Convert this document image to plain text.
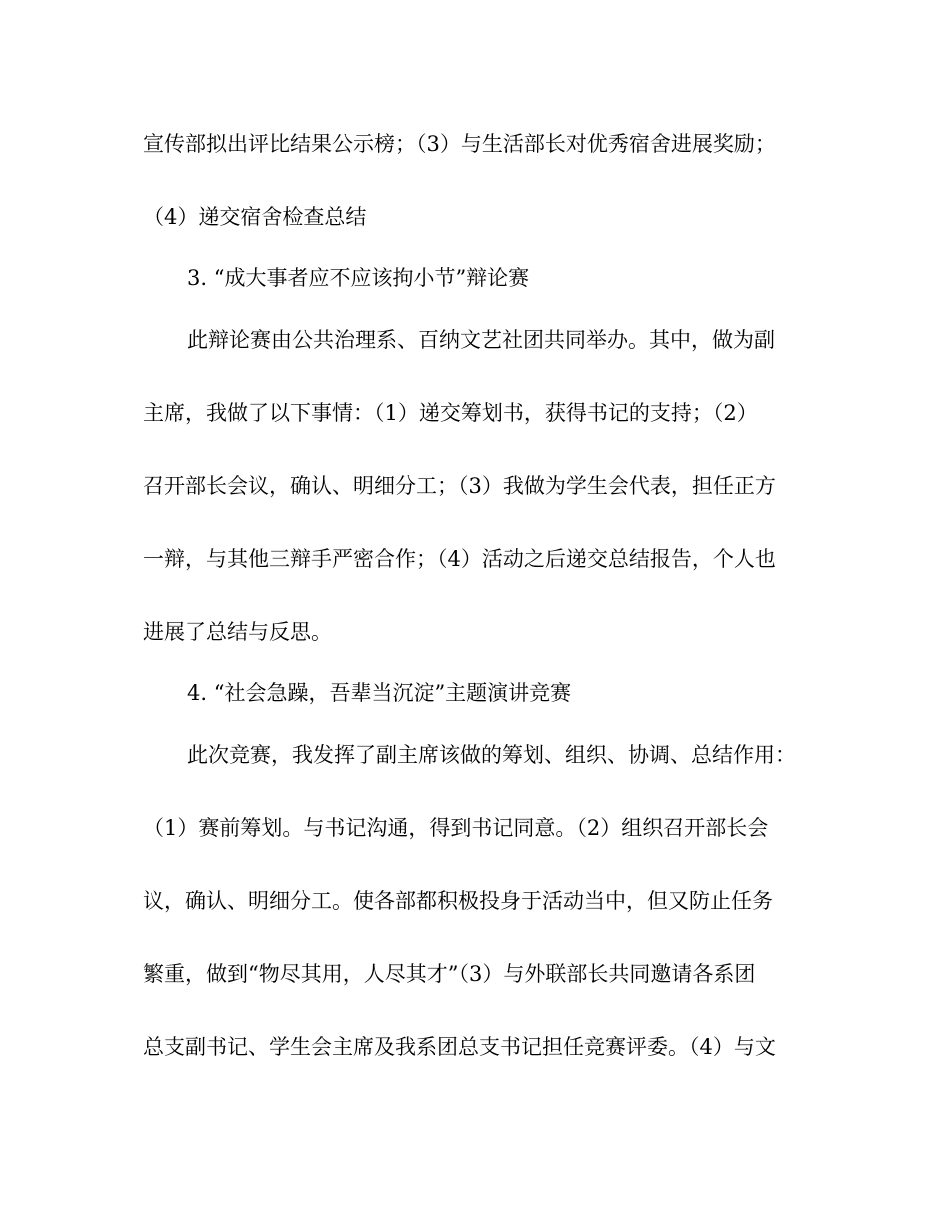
宣传部拟出评比结果公示榜；（3）与生活部长对优秀宿舍进展奖励；
（4）递交宿舍检查总结
3. “成大事者应不应该拘小节”辩论赛
此辩论赛由公共治理系、百纳文艺社团共同举办。其中，做为副
主席，我做了以下事情：（1）递交筹划书，获得书记的支持；（2）
召开部长会议，确认、明细分工；（3）我做为学生会代表，担任正方
一辩，与其他三辩手严密合作；（4）活动之后递交总结报告，个人也
进展了总结与反思。
4. “社会急躁，吾辈当沉淀”主题演讲竞赛
此次竞赛，我发挥了副主席该做的筹划、组织、协调、总结作用：
（1）赛前筹划。与书记沟通，得到书记同意。（2）组织召开部长会
议，确认、明细分工。使各部都积极投身于活动当中，但又防止任务
繁重，做到“物尽其用，人尽其才”（3）与外联部长共同邀请各系团
总支副书记、学生会主席及我系团总支书记担任竞赛评委。（4）与文
